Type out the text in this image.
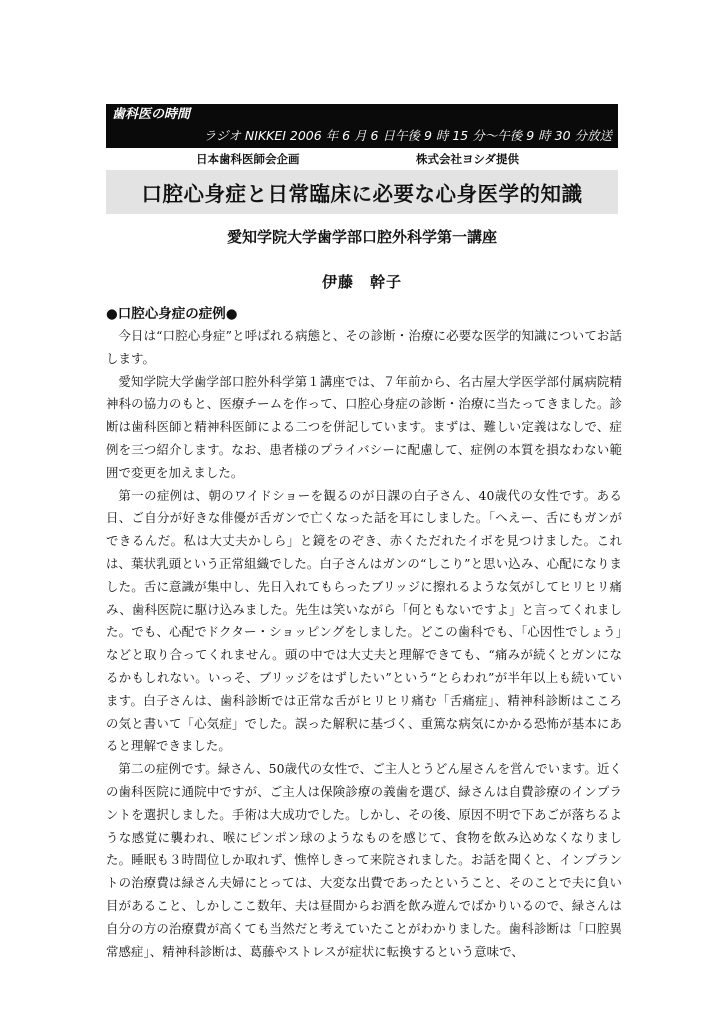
歯科医の時間
ラジオ NIKKEI 2006 年 6 月 6 日午後 9 時 15 分～午後 9 時 30 分放送
日本歯科医師会企画	株式会社ヨシダ提供
口腔心身症と日常臨床に必要な心身医学的知識
愛知学院大学歯学部口腔外科学第一講座
伊藤　幹子
●口腔心身症の症例●

今日は“口腔心身症”と呼ばれる病態と、その診断・治療に必要な医学的知識についてお話します。

愛知学院大学歯学部口腔外科学第１講座では、７年前から、名古屋大学医学部付属病院精神科の協力のもと、医療チームを作って、口腔心身症の診断・治療に当たってきました。診断は歯科医師と精神科医師による二つを併記しています。まずは、難しい定義はなしで、症例を三つ紹介します。なお、患者様のプライバシーに配慮して、症例の本質を損なわない範囲で変更を加えました。

第一の症例は、朝のワイドショーを観るのが日課の白子さん、40歳代の女性です。ある日、ご自分が好きな俳優が舌ガンで亡くなった話を耳にしました。「へえー、舌にもガンができるんだ。私は大丈夫かしら」と鏡をのぞき、赤くただれたイボを見つけました。これは、葉状乳頭という正常組織でした。白子さんはガンの“しこり”と思い込み、心配になりました。舌に意識が集中し、先日入れてもらったブリッジに擦れるような気がしてヒリヒリ痛み、歯科医院に駆け込みました。先生は笑いながら「何ともないですよ」と言ってくれました。でも、心配でドクター・ショッピングをしました。どこの歯科でも、「心因性でしょう」などと取り合ってくれません。頭の中では大丈夫と理解できても、“痛みが続くとガンになるかもしれない。いっそ、ブリッジをはずしたい”という“とらわれ”が半年以上も続いています。白子さんは、歯科診断では正常な舌がヒリヒリ痛む「舌痛症」、精神科診断はこころの気と書いて「心気症」でした。誤った解釈に基づく、重篤な病気にかかる恐怖が基本にあると理解できました。

第二の症例です。緑さん、50歳代の女性で、ご主人とうどん屋さんを営んでいます。近くの歯科医院に通院中ですが、ご主人は保険診療の義歯を選び、緑さんは自費診療のインプラントを選択しました。手術は大成功でした。しかし、その後、原因不明で下あごが落ちるような感覚に襲われ、喉にピンポン球のようなものを感じて、食物を飲み込めなくなりました。睡眠も３時間位しか取れず、憔悴しきって来院されました。お話を聞くと、インプラントの治療費は緑さん夫婦にとっては、大変な出費であったということ、そのことで夫に負い目があること、しかしここ数年、夫は昼間からお酒を飲み遊んでばかりいるので、緑さんは自分の方の治療費が高くても当然だと考えていたことがわかりました。歯科診断は「口腔異常感症」、精神科診断は、葛藤やストレスが症状に転換するという意味で、
